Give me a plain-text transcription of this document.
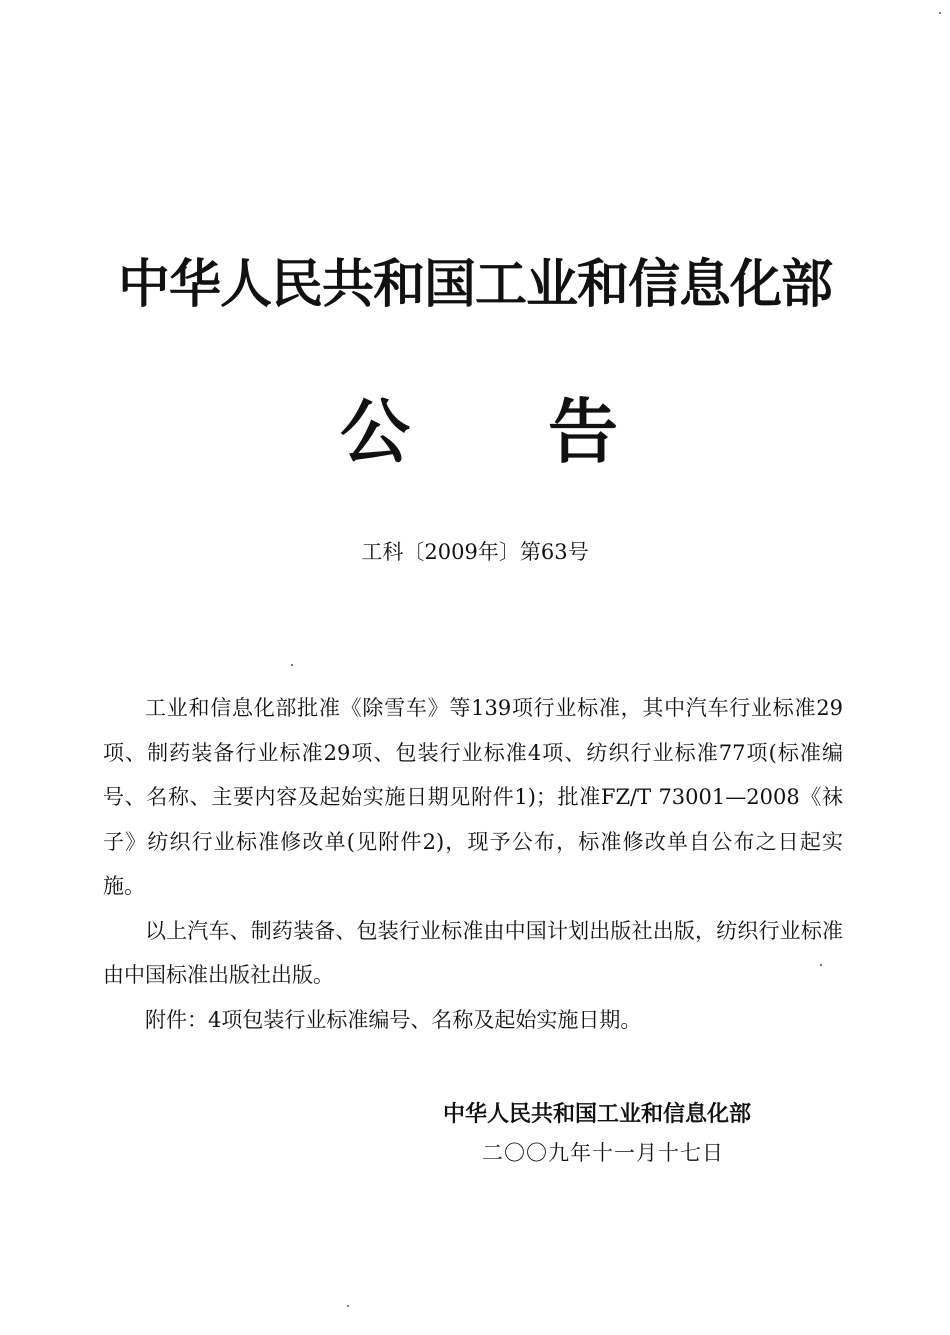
中华人民共和国工业和信息化部
公 告
工科〔2009年〕第63号

工业和信息化部批准《除雪车》等139项行业标准，其中汽车行业标准29项、制药装备行业标准29项、包装行业标准4项、纺织行业标准77项(标准编号、名称、主要内容及起始实施日期见附件1)；批准FZ/T 73001—2008《袜子》纺织行业标准修改单(见附件2)，现予公布，标准修改单自公布之日起实施。

以上汽车、制药装备、包装行业标准由中国计划出版社出版，纺织行业标准由中国标准出版社出版。

附件：4项包装行业标准编号、名称及起始实施日期。

中华人民共和国工业和信息化部
二〇〇九年十一月十七日
